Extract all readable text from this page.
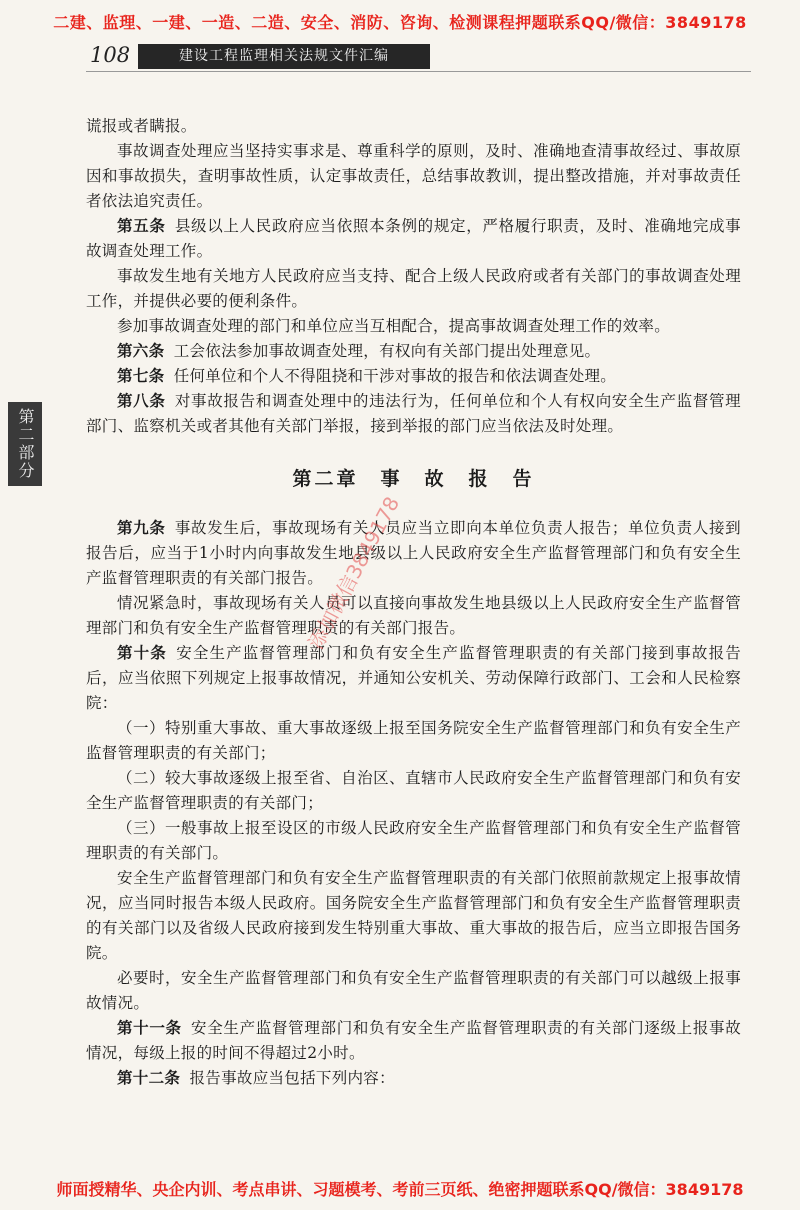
二建、监理、一建、一造、二造、安全、消防、咨询、检测课程押题联系QQ/微信：3849178

108	建设工程监理相关法规文件汇编
第二部分

谎报或者瞒报。

事故调查处理应当坚持实事求是、尊重科学的原则，及时、准确地查清事故经过、事故原因和事故损失，查明事故性质，认定事故责任，总结事故教训，提出整改措施，并对事故责任者依法追究责任。

第五条 县级以上人民政府应当依照本条例的规定，严格履行职责，及时、准确地完成事故调查处理工作。

事故发生地有关地方人民政府应当支持、配合上级人民政府或者有关部门的事故调查处理工作，并提供必要的便利条件。

参加事故调查处理的部门和单位应当互相配合，提高事故调查处理工作的效率。

第六条 工会依法参加事故调查处理，有权向有关部门提出处理意见。

第七条 任何单位和个人不得阻挠和干涉对事故的报告和依法调查处理。

第八条 对事故报告和调查处理中的违法行为，任何单位和个人有权向安全生产监督管理部门、监察机关或者其他有关部门举报，接到举报的部门应当依法及时处理。

第二章　事　故　报　告

第九条 事故发生后，事故现场有关人员应当立即向本单位负责人报告；单位负责人接到报告后，应当于1小时内向事故发生地县级以上人民政府安全生产监督管理部门和负有安全生产监督管理职责的有关部门报告。

情况紧急时，事故现场有关人员可以直接向事故发生地县级以上人民政府安全生产监督管理部门和负有安全生产监督管理职责的有关部门报告。

第十条 安全生产监督管理部门和负有安全生产监督管理职责的有关部门接到事故报告后，应当依照下列规定上报事故情况，并通知公安机关、劳动保障行政部门、工会和人民检察院：

（一）特别重大事故、重大事故逐级上报至国务院安全生产监督管理部门和负有安全生产监督管理职责的有关部门；

（二）较大事故逐级上报至省、自治区、直辖市人民政府安全生产监督管理部门和负有安全生产监督管理职责的有关部门；

（三）一般事故上报至设区的市级人民政府安全生产监督管理部门和负有安全生产监督管理职责的有关部门。

安全生产监督管理部门和负有安全生产监督管理职责的有关部门依照前款规定上报事故情况，应当同时报告本级人民政府。国务院安全生产监督管理部门和负有安全生产监督管理职责的有关部门以及省级人民政府接到发生特别重大事故、重大事故的报告后，应当立即报告国务院。

必要时，安全生产监督管理部门和负有安全生产监督管理职责的有关部门可以越级上报事故情况。

第十一条 安全生产监督管理部门和负有安全生产监督管理职责的有关部门逐级上报事故情况，每级上报的时间不得超过2小时。

第十二条 报告事故应当包括下列内容：

添加微信3849178

师面授精华、央企内训、考点串讲、习题模考、考前三页纸、绝密押题联系QQ/微信：3849178
